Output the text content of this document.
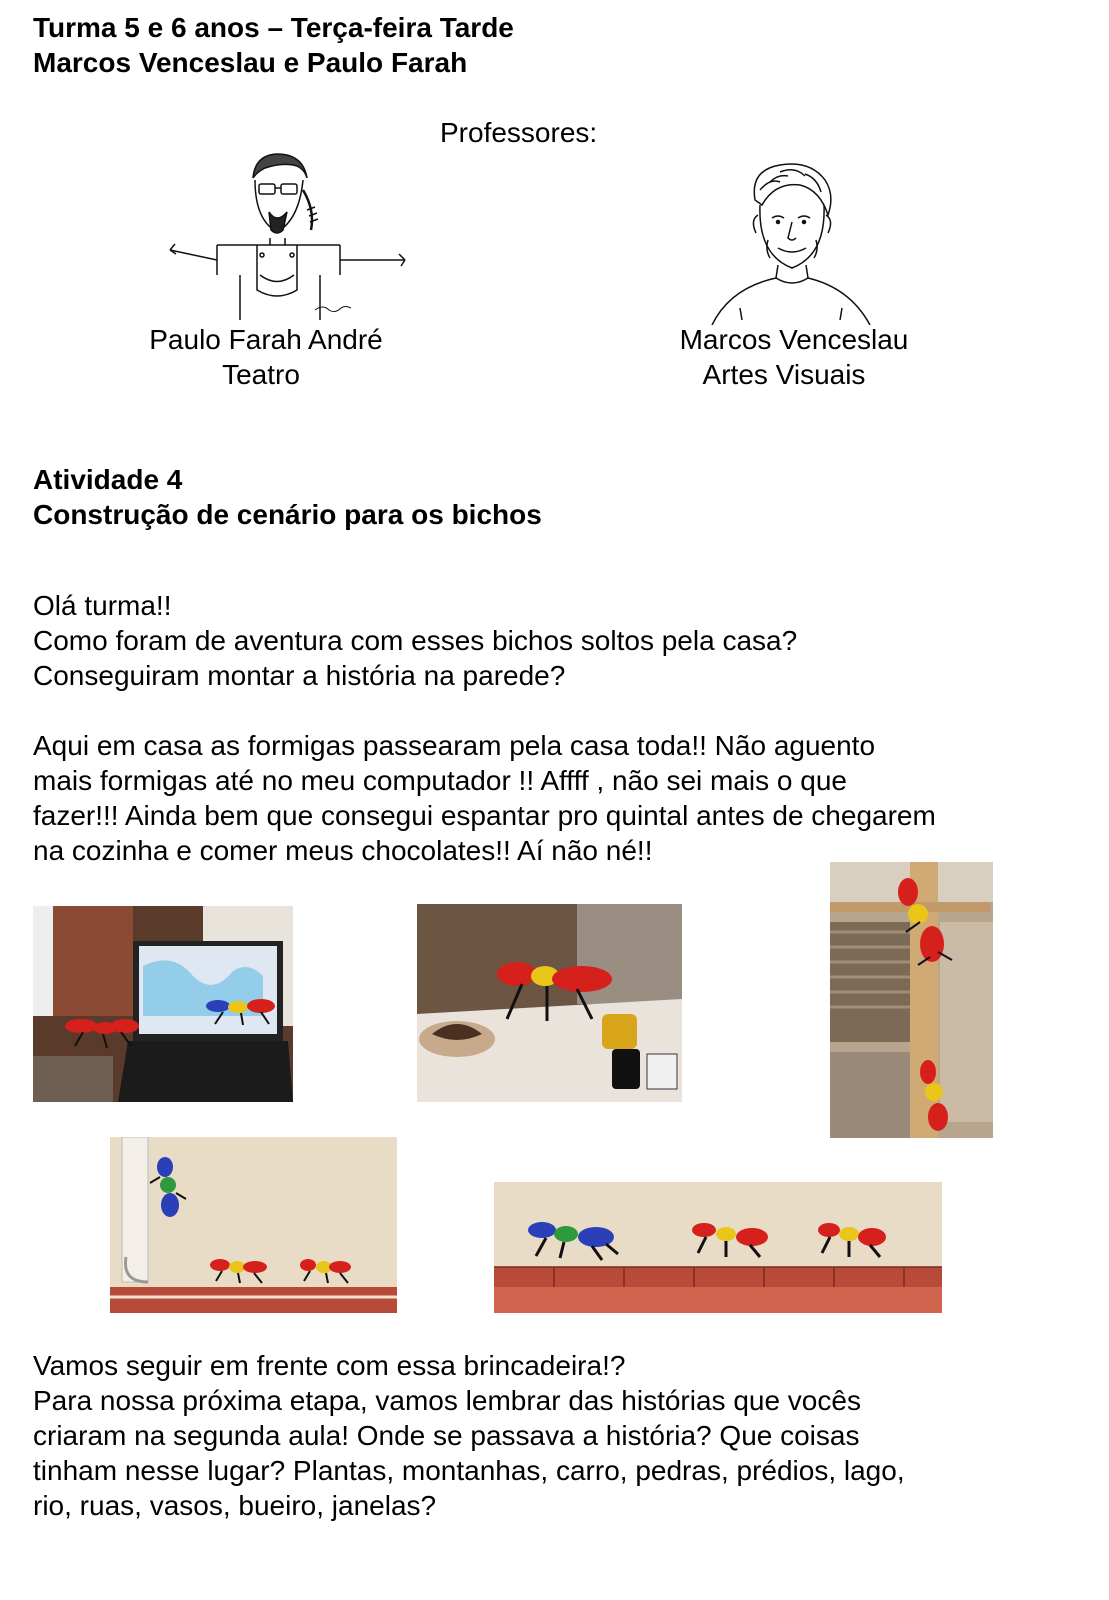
Turma 5 e 6 anos – Terça-feira Tarde
Marcos Venceslau e Paulo Farah
Professores:
Paulo Farah André
Teatro
Marcos Venceslau
Artes Visuais
Atividade 4
Construção de cenário para os bichos
Olá turma!!
Como foram de aventura com esses bichos soltos pela casa?
Conseguiram montar a história na parede?
Aqui em casa as formigas passearam pela casa toda!! Não aguento
mais formigas até no meu computador !! Affff , não sei mais o que
fazer!!! Ainda bem que consegui espantar pro quintal antes de chegarem
na cozinha e comer meus chocolates!! Aí não né!!
Vamos seguir em frente com essa brincadeira!?
Para nossa próxima etapa, vamos lembrar das histórias que vocês
criaram na segunda aula! Onde se passava a história? Que coisas
tinham nesse lugar? Plantas, montanhas, carro, pedras, prédios, lago,
rio, ruas, vasos, bueiro, janelas?
